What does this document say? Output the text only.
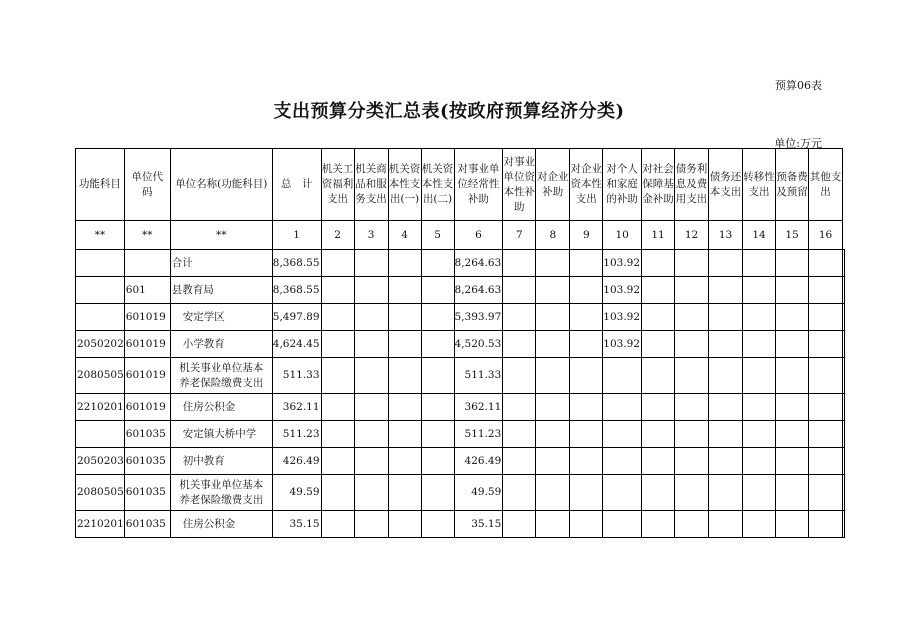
预算06表
支出预算分类汇总表(按政府预算经济分类)
单位:万元
功能科目	单位代码	单位名称(功能科目)	总　计	机关工资福利支出	机关商品和服务支出	机关资本性支出(一)	机关资本性支出(二)	对事业单位经常性补助	对事业单位资本性补助	对企业补助	对企业资本性支出	对个人和家庭的补助	对社会保障基金补助	债务利息及费用支出	债务还本支出	转移性支出	预备费及预留	其他支出	

**	**	**	1	2	3	4	5	6	7	8	9	10	11	12	13	14	15	16	
		合计	8,368.55					8,264.63				103.92							
	601	县教育局	8,368.55					8,264.63				103.92							
	601019	安定学区	5,497.89					5,393.97				103.92							
2050202	601019	小学教育	4,624.45					4,520.53				103.92							
2080505	601019	机关事业单位基本养老保险缴费支出	511.33					511.33											
2210201	601019	住房公积金	362.11					362.11											
	601035	安定镇大桥中学	511.23					511.23											
2050203	601035	初中教育	426.49					426.49											
2080505	601035	机关事业单位基本养老保险缴费支出	49.59					49.59											
2210201	601035	住房公积金	35.15					35.15											
